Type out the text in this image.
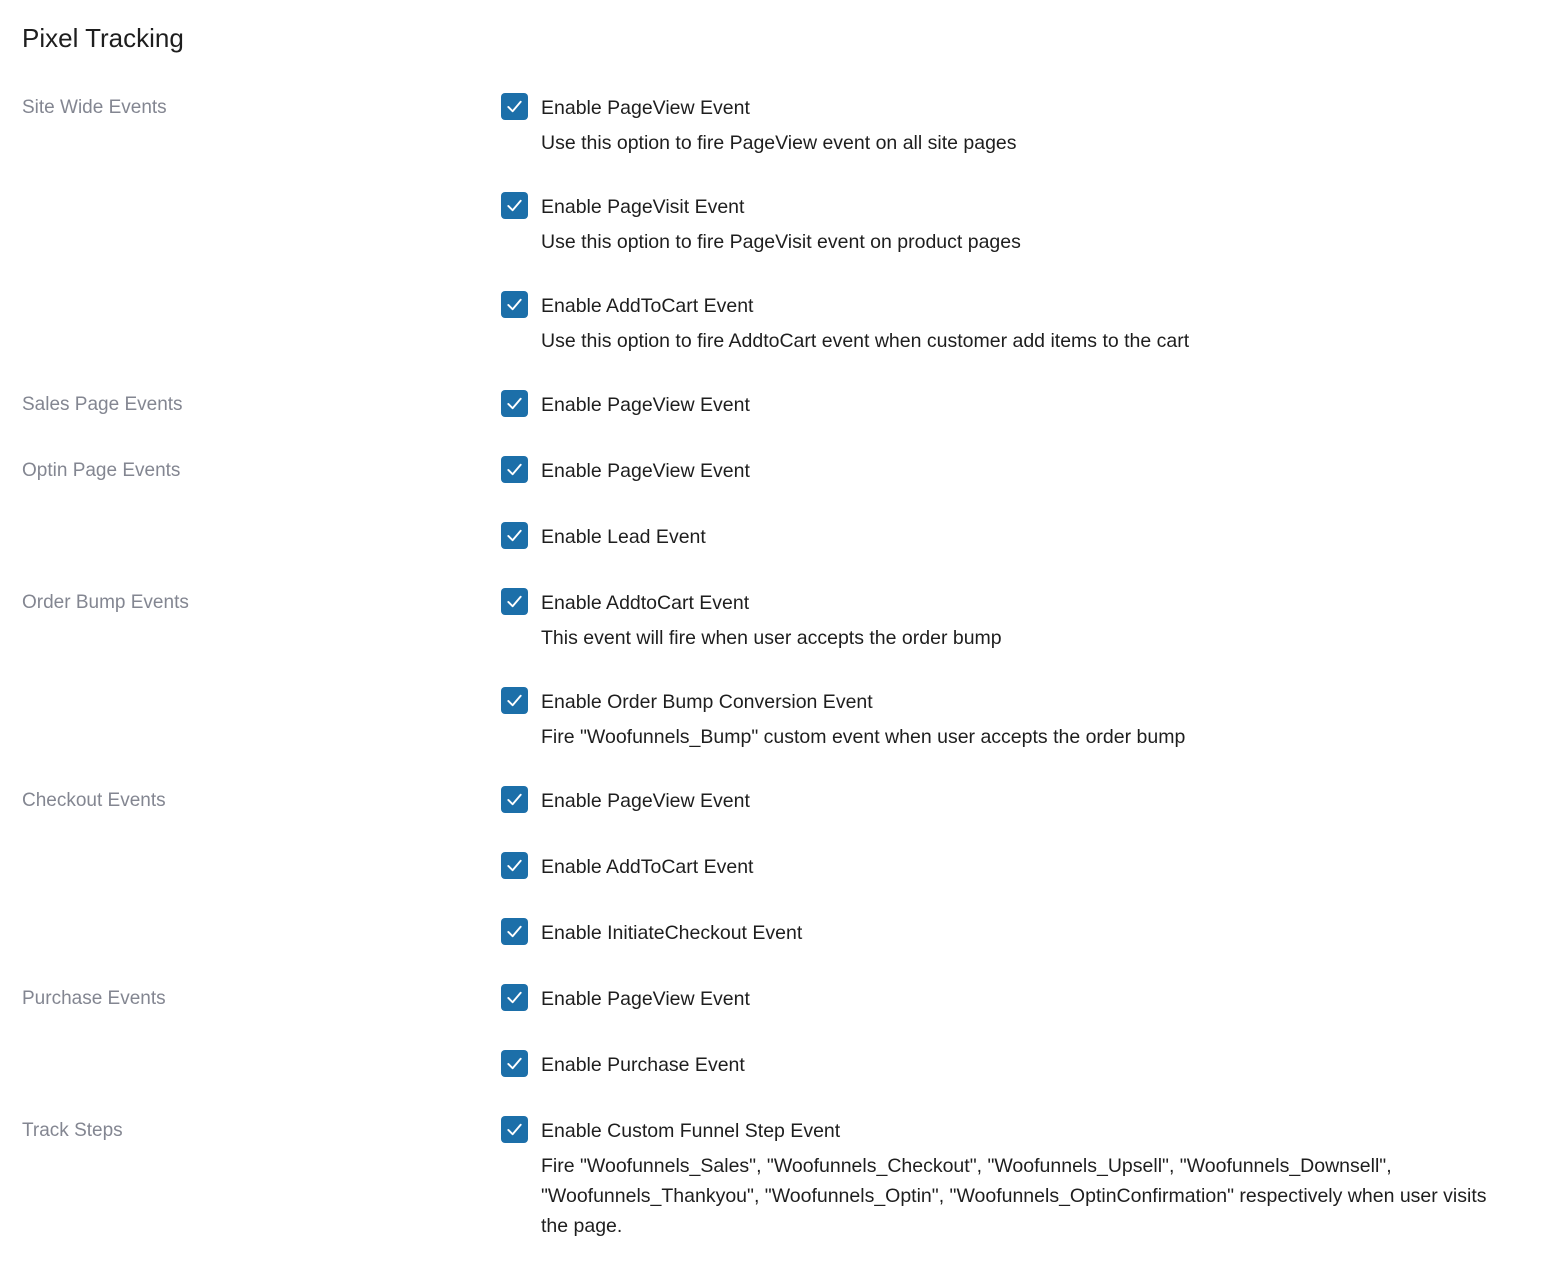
Pixel Tracking
Site Wide Events
Sales Page Events
Optin Page Events
Order Bump Events
Checkout Events
Purchase Events
Track Steps
Enable PageView Event
Use this option to fire PageView event on all site pages
Enable PageVisit Event
Use this option to fire PageVisit event on product pages
Enable AddToCart Event
Use this option to fire AddtoCart event when customer add items to the cart
Enable PageView Event
Enable PageView Event
Enable Lead Event
Enable AddtoCart Event
This event will fire when user accepts the order bump
Enable Order Bump Conversion Event
Fire "Woofunnels_Bump" custom event when user accepts the order bump
Enable PageView Event
Enable AddToCart Event
Enable InitiateCheckout Event
Enable PageView Event
Enable Purchase Event
Enable Custom Funnel Step Event
Fire "Woofunnels_Sales", "Woofunnels_Checkout", "Woofunnels_Upsell", "Woofunnels_Downsell", "Woofunnels_Thankyou", "Woofunnels_Optin", "Woofunnels_OptinConfirmation" respectively when user visits the page.
